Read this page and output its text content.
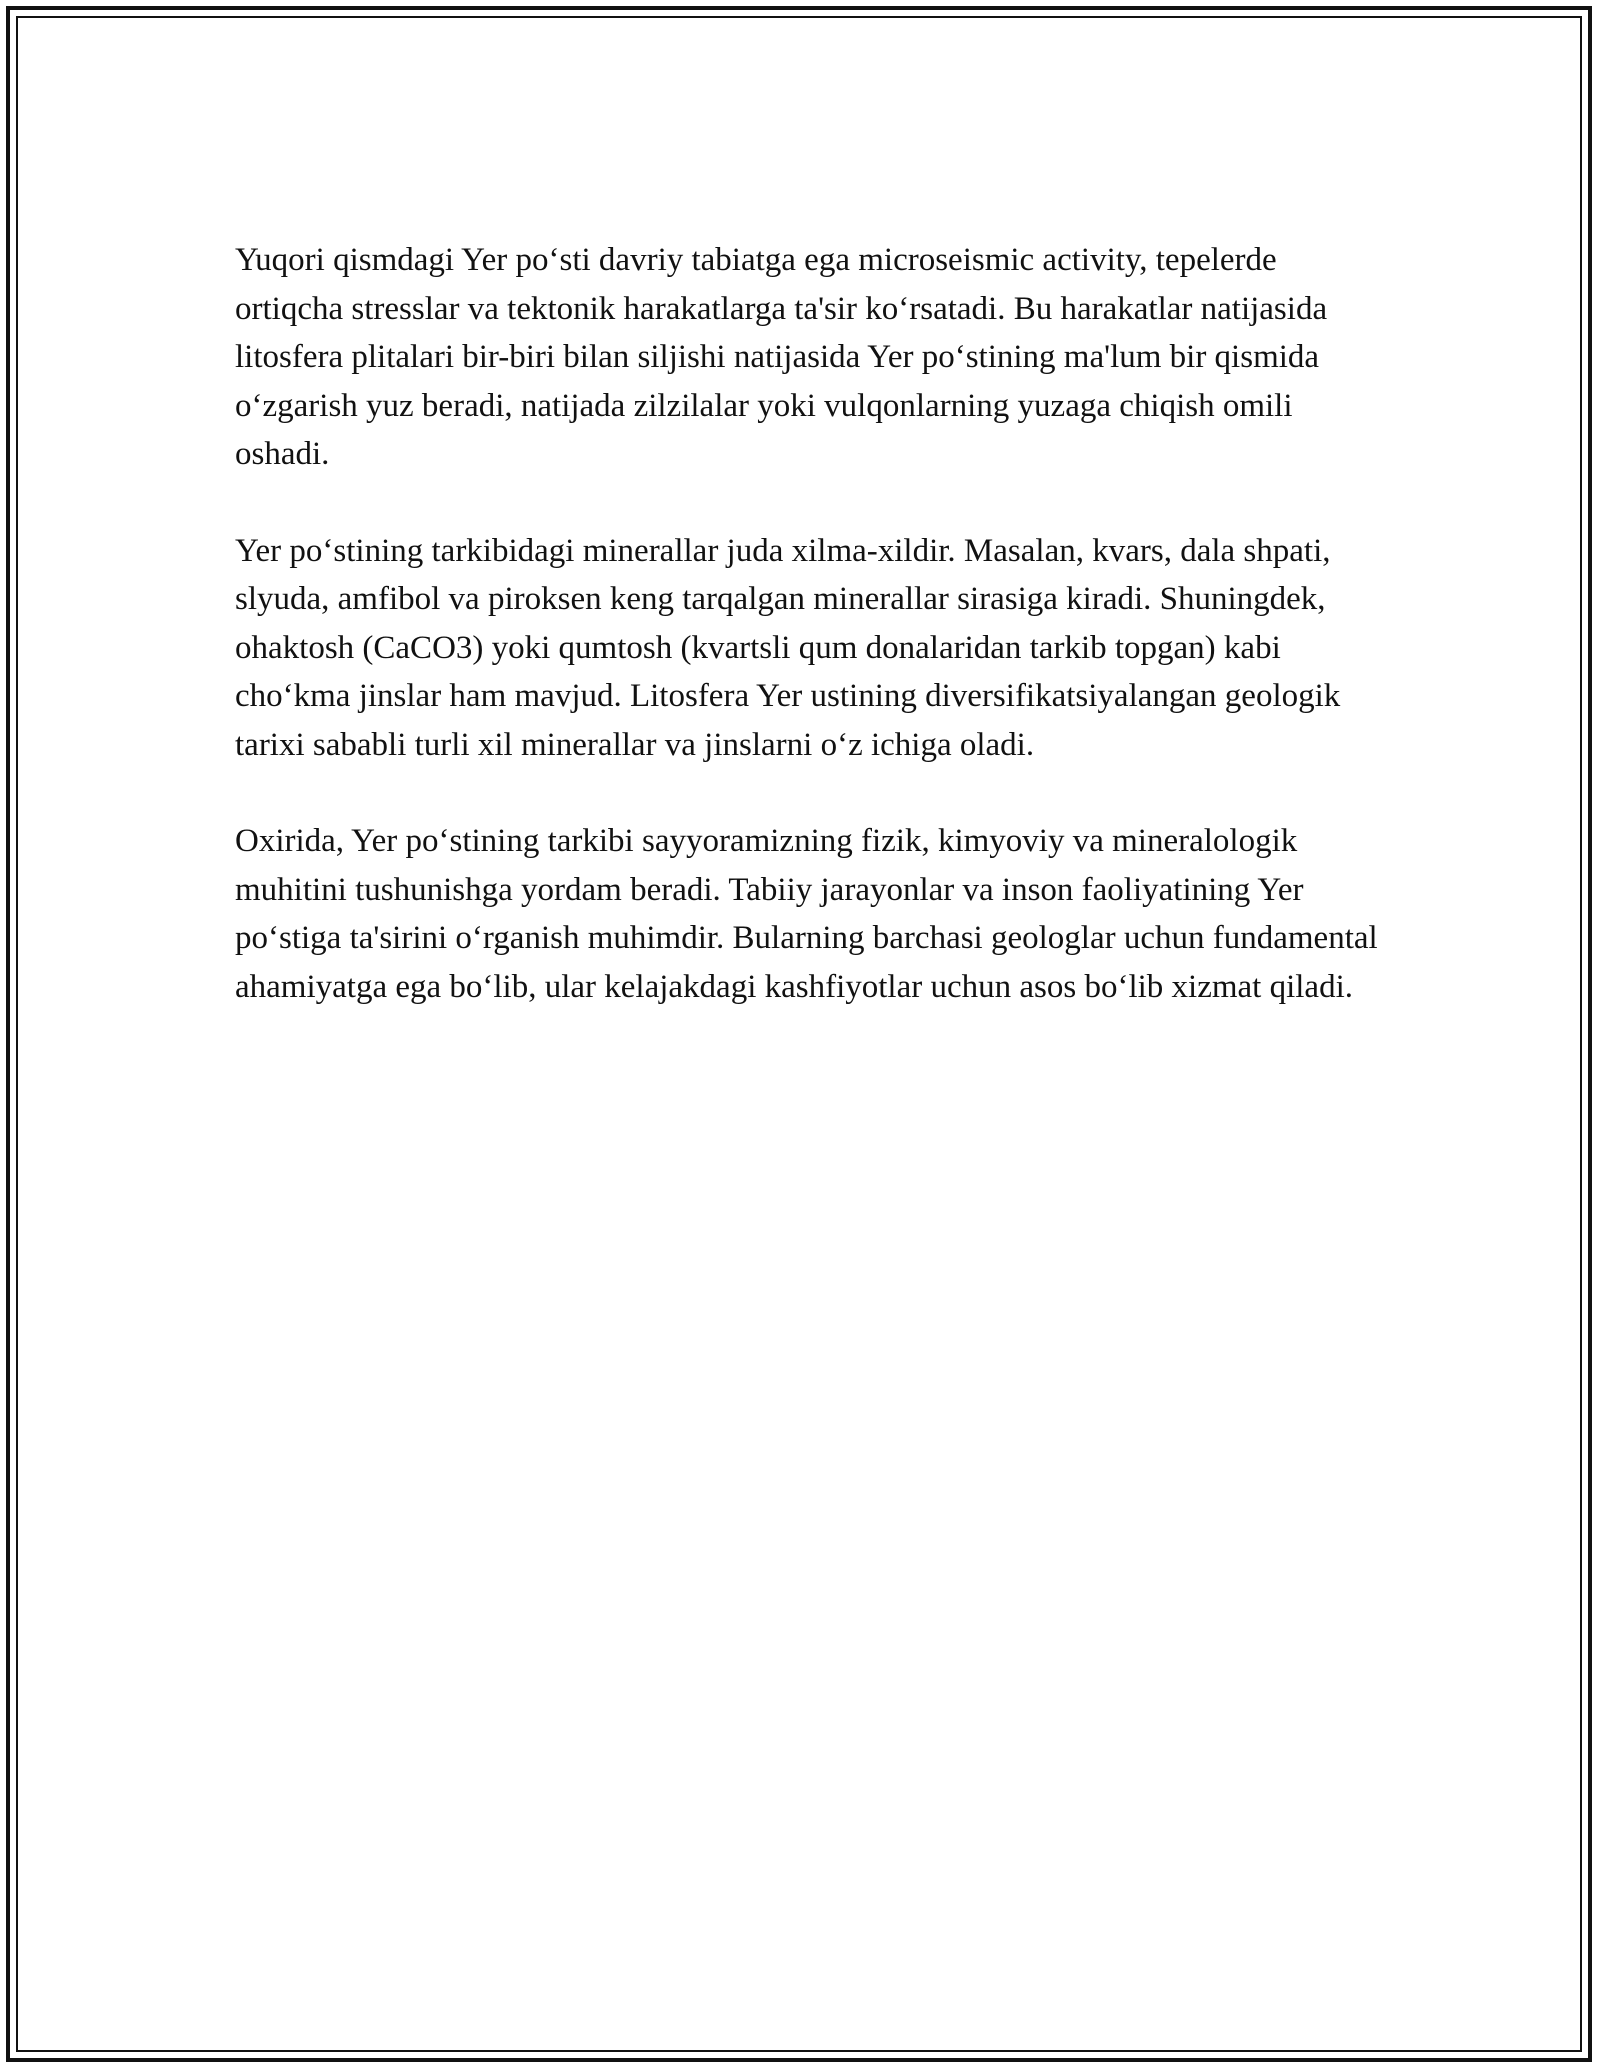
Yuqori qismdagi Yer po‘sti davriy tabiatga ega microseismic activity, tepelerde ortiqcha stresslar va tektonik harakatlarga ta'sir ko‘rsatadi. Bu harakatlar natijasida litosfera plitalari bir-biri bilan siljishi natijasida Yer po‘stining ma'lum bir qismida o‘zgarish yuz beradi, natijada zilzilalar yoki vulqonlarning yuzaga chiqish omili oshadi.

Yer po‘stining tarkibidagi minerallar juda xilma-xildir. Masalan, kvars, dala shpati, slyuda, amfibol va piroksen keng tarqalgan minerallar sirasiga kiradi. Shuningdek, ohaktosh (CaCO3) yoki qumtosh (kvartsli qum donalaridan tarkib topgan) kabi cho‘kma jinslar ham mavjud. Litosfera Yer ustining diversifikatsiyalangan geologik tarixi sababli turli xil minerallar va jinslarni o‘z ichiga oladi.

Oxirida, Yer po‘stining tarkibi sayyoramizning fizik, kimyoviy va mineralologik muhitini tushunishga yordam beradi. Tabiiy jarayonlar va inson faoliyatining Yer po‘stiga ta'sirini o‘rganish muhimdir. Bularning barchasi geologlar uchun fundamental ahamiyatga ega bo‘lib, ular kelajakdagi kashfiyotlar uchun asos bo‘lib xizmat qiladi.
